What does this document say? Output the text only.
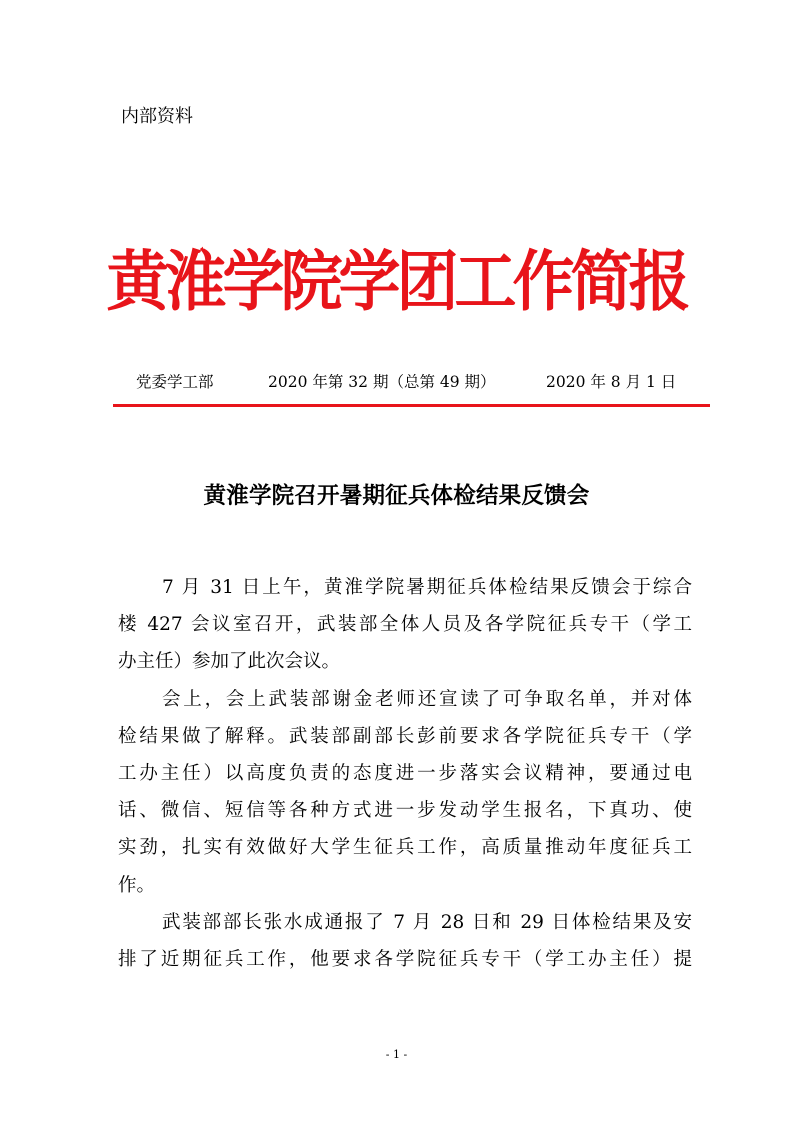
内部资料
黄淮学院学团工作简报
党委学工部	2020 年第 32 期（总第 49 期）	2020 年 8 月 1 日
黄淮学院召开暑期征兵体检结果反馈会
7 月 31 日上午，黄淮学院暑期征兵体检结果反馈会于综合
楼 427 会议室召开，武装部全体人员及各学院征兵专干（学工
办主任）参加了此次会议。
会上，会上武装部谢金老师还宣读了可争取名单，并对体
检结果做了解释。武装部副部长彭前要求各学院征兵专干（学
工办主任）以高度负责的态度进一步落实会议精神，要通过电
话、微信、短信等各种方式进一步发动学生报名，下真功、使
实劲，扎实有效做好大学生征兵工作，高质量推动年度征兵工
作。
武装部部长张水成通报了 7 月 28 日和 29 日体检结果及安
排了近期征兵工作，他要求各学院征兵专干（学工办主任）提
- 1 -
